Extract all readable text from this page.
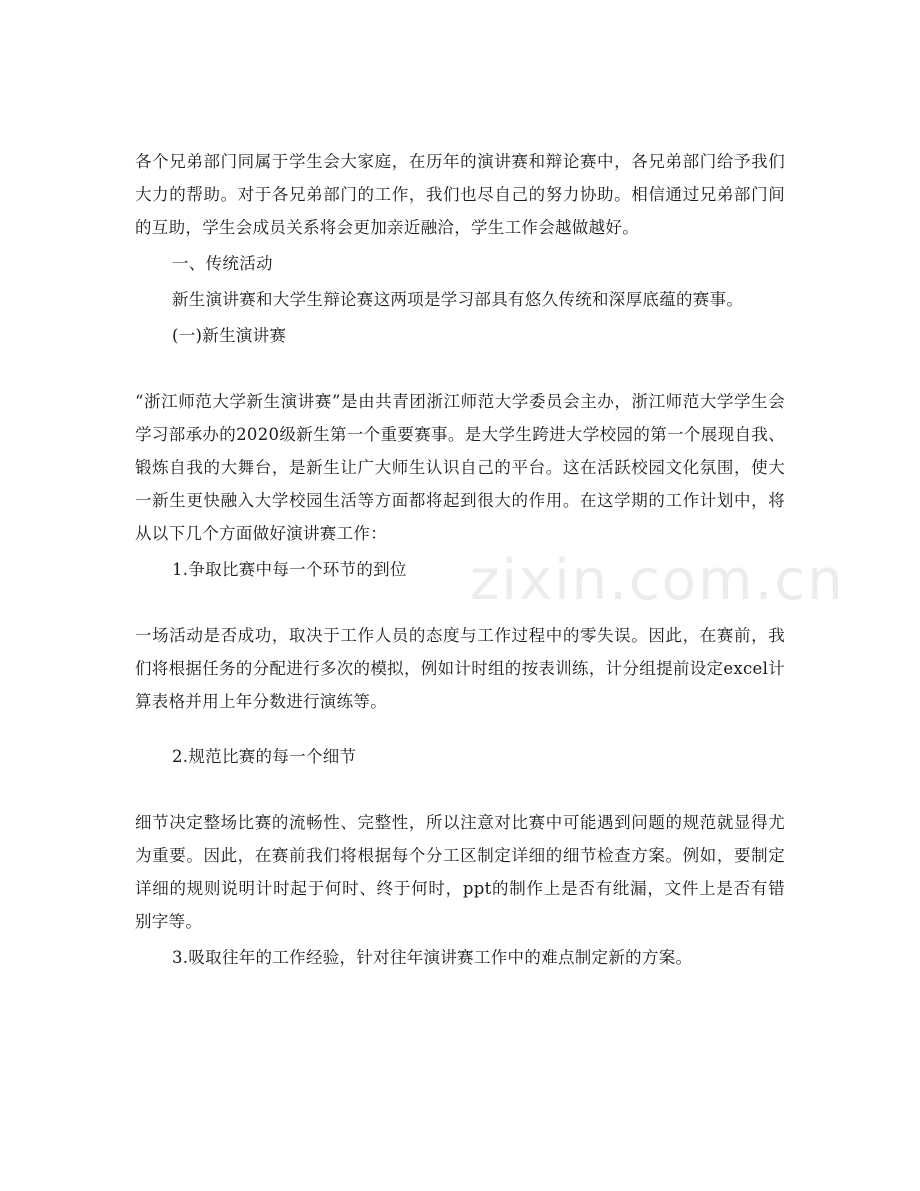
zixin.com.cn

各个兄弟部门同属于学生会大家庭，在历年的演讲赛和辩论赛中，各兄弟部门给予我们大力的帮助。对于各兄弟部门的工作，我们也尽自己的努力协助。相信通过兄弟部门间的互助，学生会成员关系将会更加亲近融洽，学生工作会越做越好。

一、传统活动

新生演讲赛和大学生辩论赛这两项是学习部具有悠久传统和深厚底蕴的赛事。

(一)新生演讲赛

“浙江师范大学新生演讲赛”是由共青团浙江师范大学委员会主办，浙江师范大学学生会学习部承办的2020级新生第一个重要赛事。是大学生跨进大学校园的第一个展现自我、锻炼自我的大舞台，是新生让广大师生认识自己的平台。这在活跃校园文化氛围，使大一新生更快融入大学校园生活等方面都将起到很大的作用。在这学期的工作计划中，将从以下几个方面做好演讲赛工作：

1.争取比赛中每一个环节的到位

一场活动是否成功，取决于工作人员的态度与工作过程中的零失误。因此，在赛前，我们将根据任务的分配进行多次的模拟，例如计时组的按表训练，计分组提前设定excel计算表格并用上年分数进行演练等。

2.规范比赛的每一个细节

细节决定整场比赛的流畅性、完整性，所以注意对比赛中可能遇到问题的规范就显得尤为重要。因此，在赛前我们将根据每个分工区制定详细的细节检查方案。例如，要制定详细的规则说明计时起于何时、终于何时，ppt的制作上是否有纰漏，文件上是否有错别字等。

3.吸取往年的工作经验，针对往年演讲赛工作中的难点制定新的方案。
